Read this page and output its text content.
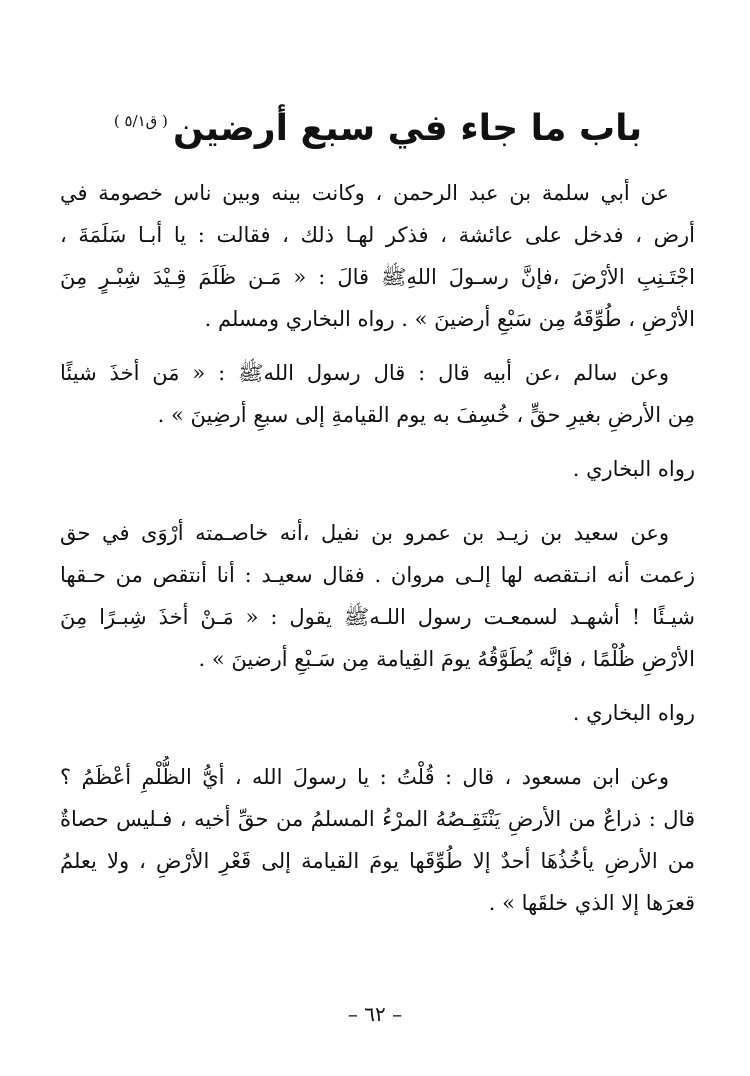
باب ما جاء في سبع أرضين ( ق٥/١ )
عن أبي سلمة بن عبد الرحمن ، وكانت بينه وبين ناس خصومة في
أرض ، فدخل على عائشة ، فذكر لهـا ذلك ، فقالت : يا أبـا سَلَمَةَ ،
اجْتَـنِبِ الأرْضَ ،فإنَّ رسـولَ اللهِﷺ قالَ : « مَـن ظَلَمَ قِـيْدَ شِبْـرٍ مِنَ
الأرْضِ ، طُوِّقَهُ مِن سَبْعِ أرضينَ » . رواه البخاري ومسلم .
وعن سالم ،عن أبيه قال : قال رسول اللهﷺ : « مَن أخذَ شيئًا
مِن الأرضِ بغيرِ حقٍّ ، خُسِفَ به يوم القيامةِ إلى سبعِ أرضِينَ » .
رواه البخاري .
وعن سعيد بن زيـد بن عمرو بن نفيل ،أنه خاصـمته أرْوَى في حق
زعمت أنه انـتقصه لها إلـى مروان . فقال سعيـد : أنا أنتقص من حـقها
شيـئًا ! أشهـد لسمعـت رسول اللـهﷺ يقول : « مَـنْ أخذَ شِبـرًا مِنَ
الأرْضِ ظُلْمًا ، فإنَّه يُطَوَّقُهُ يومَ القِيامة مِن سَـبْعِ أرضينَ » .
رواه البخاري .
وعن ابن مسعود ، قال : قُلْتُ : يا رسولَ الله ، أيُّ الظُّلْمِ أعْظَمُ ؟
قال : ذراعٌ من الأرضِ يَنْتَقِـصُهُ المرْءُ المسلمُ من حقِّ أخيه ، فـليس حصاةٌ
من الأرضِ يأخُذُهَا أحدٌ إلا طُوِّقَها يومَ القيامة إلى قَعْرِ الأرْضِ ، ولا يعلمُ
قعرَها إلا الذي خلقَها » .
– ٦٢ –
